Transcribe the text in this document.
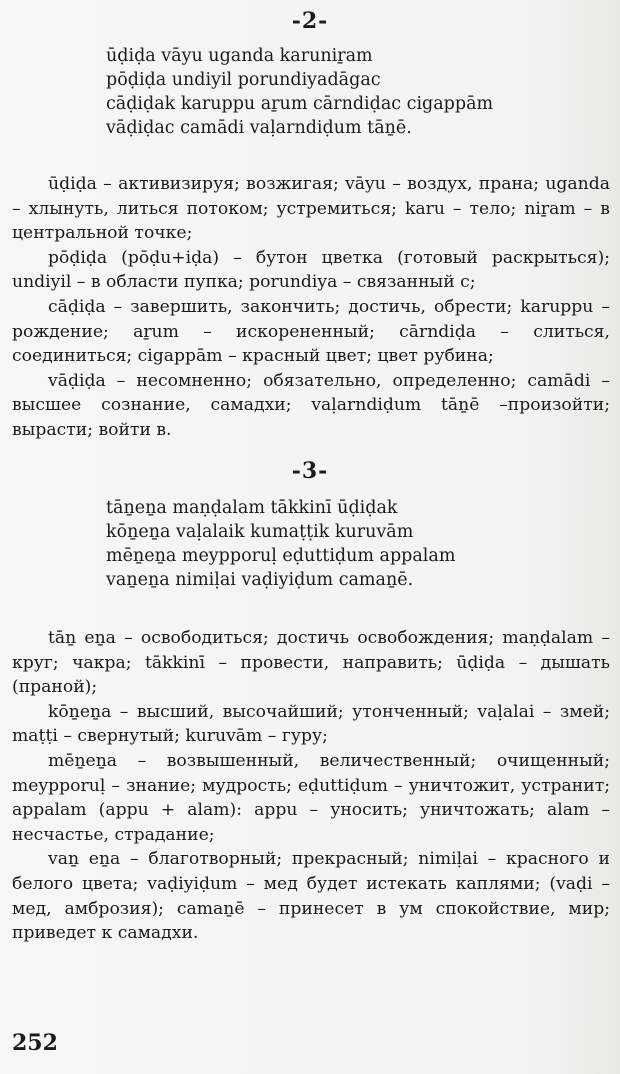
-2-
ūḍiḍa vāyu uganda karuniṟam
pōḍiḍa undiyil porundiyadāgac
cāḍiḍak karuppu aṟum cārndiḍac cigappām
vāḍiḍac camādi vaḷarndiḍum tāṉē.

ūḍiḍa – активизируя; возжигая; vāyu – воздух, прана; uganda – хлынуть, литься потоком; устремиться; karu – тело; niṟam – в центральной точке;

pōḍiḍa (pōḍu+iḍa) – бутон цветка (готовый раскрыться); undiyil – в области пупка; porundiya – связанный с;

cāḍiḍa – завершить, закончить; достичь, обрести; karuppu – рождение; aṟum – искорененный; cārndiḍa – слиться, соединиться; cigappām – красный цвет; цвет рубина;

vāḍiḍa – несомненно; обязательно, определенно; camādi – высшее сознание, самадхи; vaḷarndiḍum tāṉē –произойти; вырасти; войти в.

-3-
tāṉeṉa maṇḍalam tākkinī ūḍiḍak
kōṉeṉa vaḷalaik kumaṭṭik kuruvām
mēṉeṉa meypporuḷ eḍuttiḍum appalam
vaṉeṉa nimiḷai vaḍiyiḍum camaṉē.

tāṉ eṉa – освободиться; достичь освобождения; maṇḍalam – круг; чакра; tākkinī – провести, направить; ūḍiḍa – дышать (праной);

kōṉeṉa – высший, высочайший; утонченный; vaḷalai – змей; maṭṭi – свернутый; kuruvām – гуру;

mēṉeṉa – возвышенный, величественный; очищенный; meypporuḷ – знание; мудрость; eḍuttiḍum – уничтожит, устранит; appalam (appu + alam): appu – уносить; уничтожать; alam – несчастье, страдание;

vaṉ eṉa – благотворный; прекрасный; nimiḷai – красного и белого цвета; vaḍiyiḍum – мед будет истекать каплями; (vaḍi – мед, амброзия); camaṉē – принесет в ум спокойствие, мир; приведет к самадхи.

252
